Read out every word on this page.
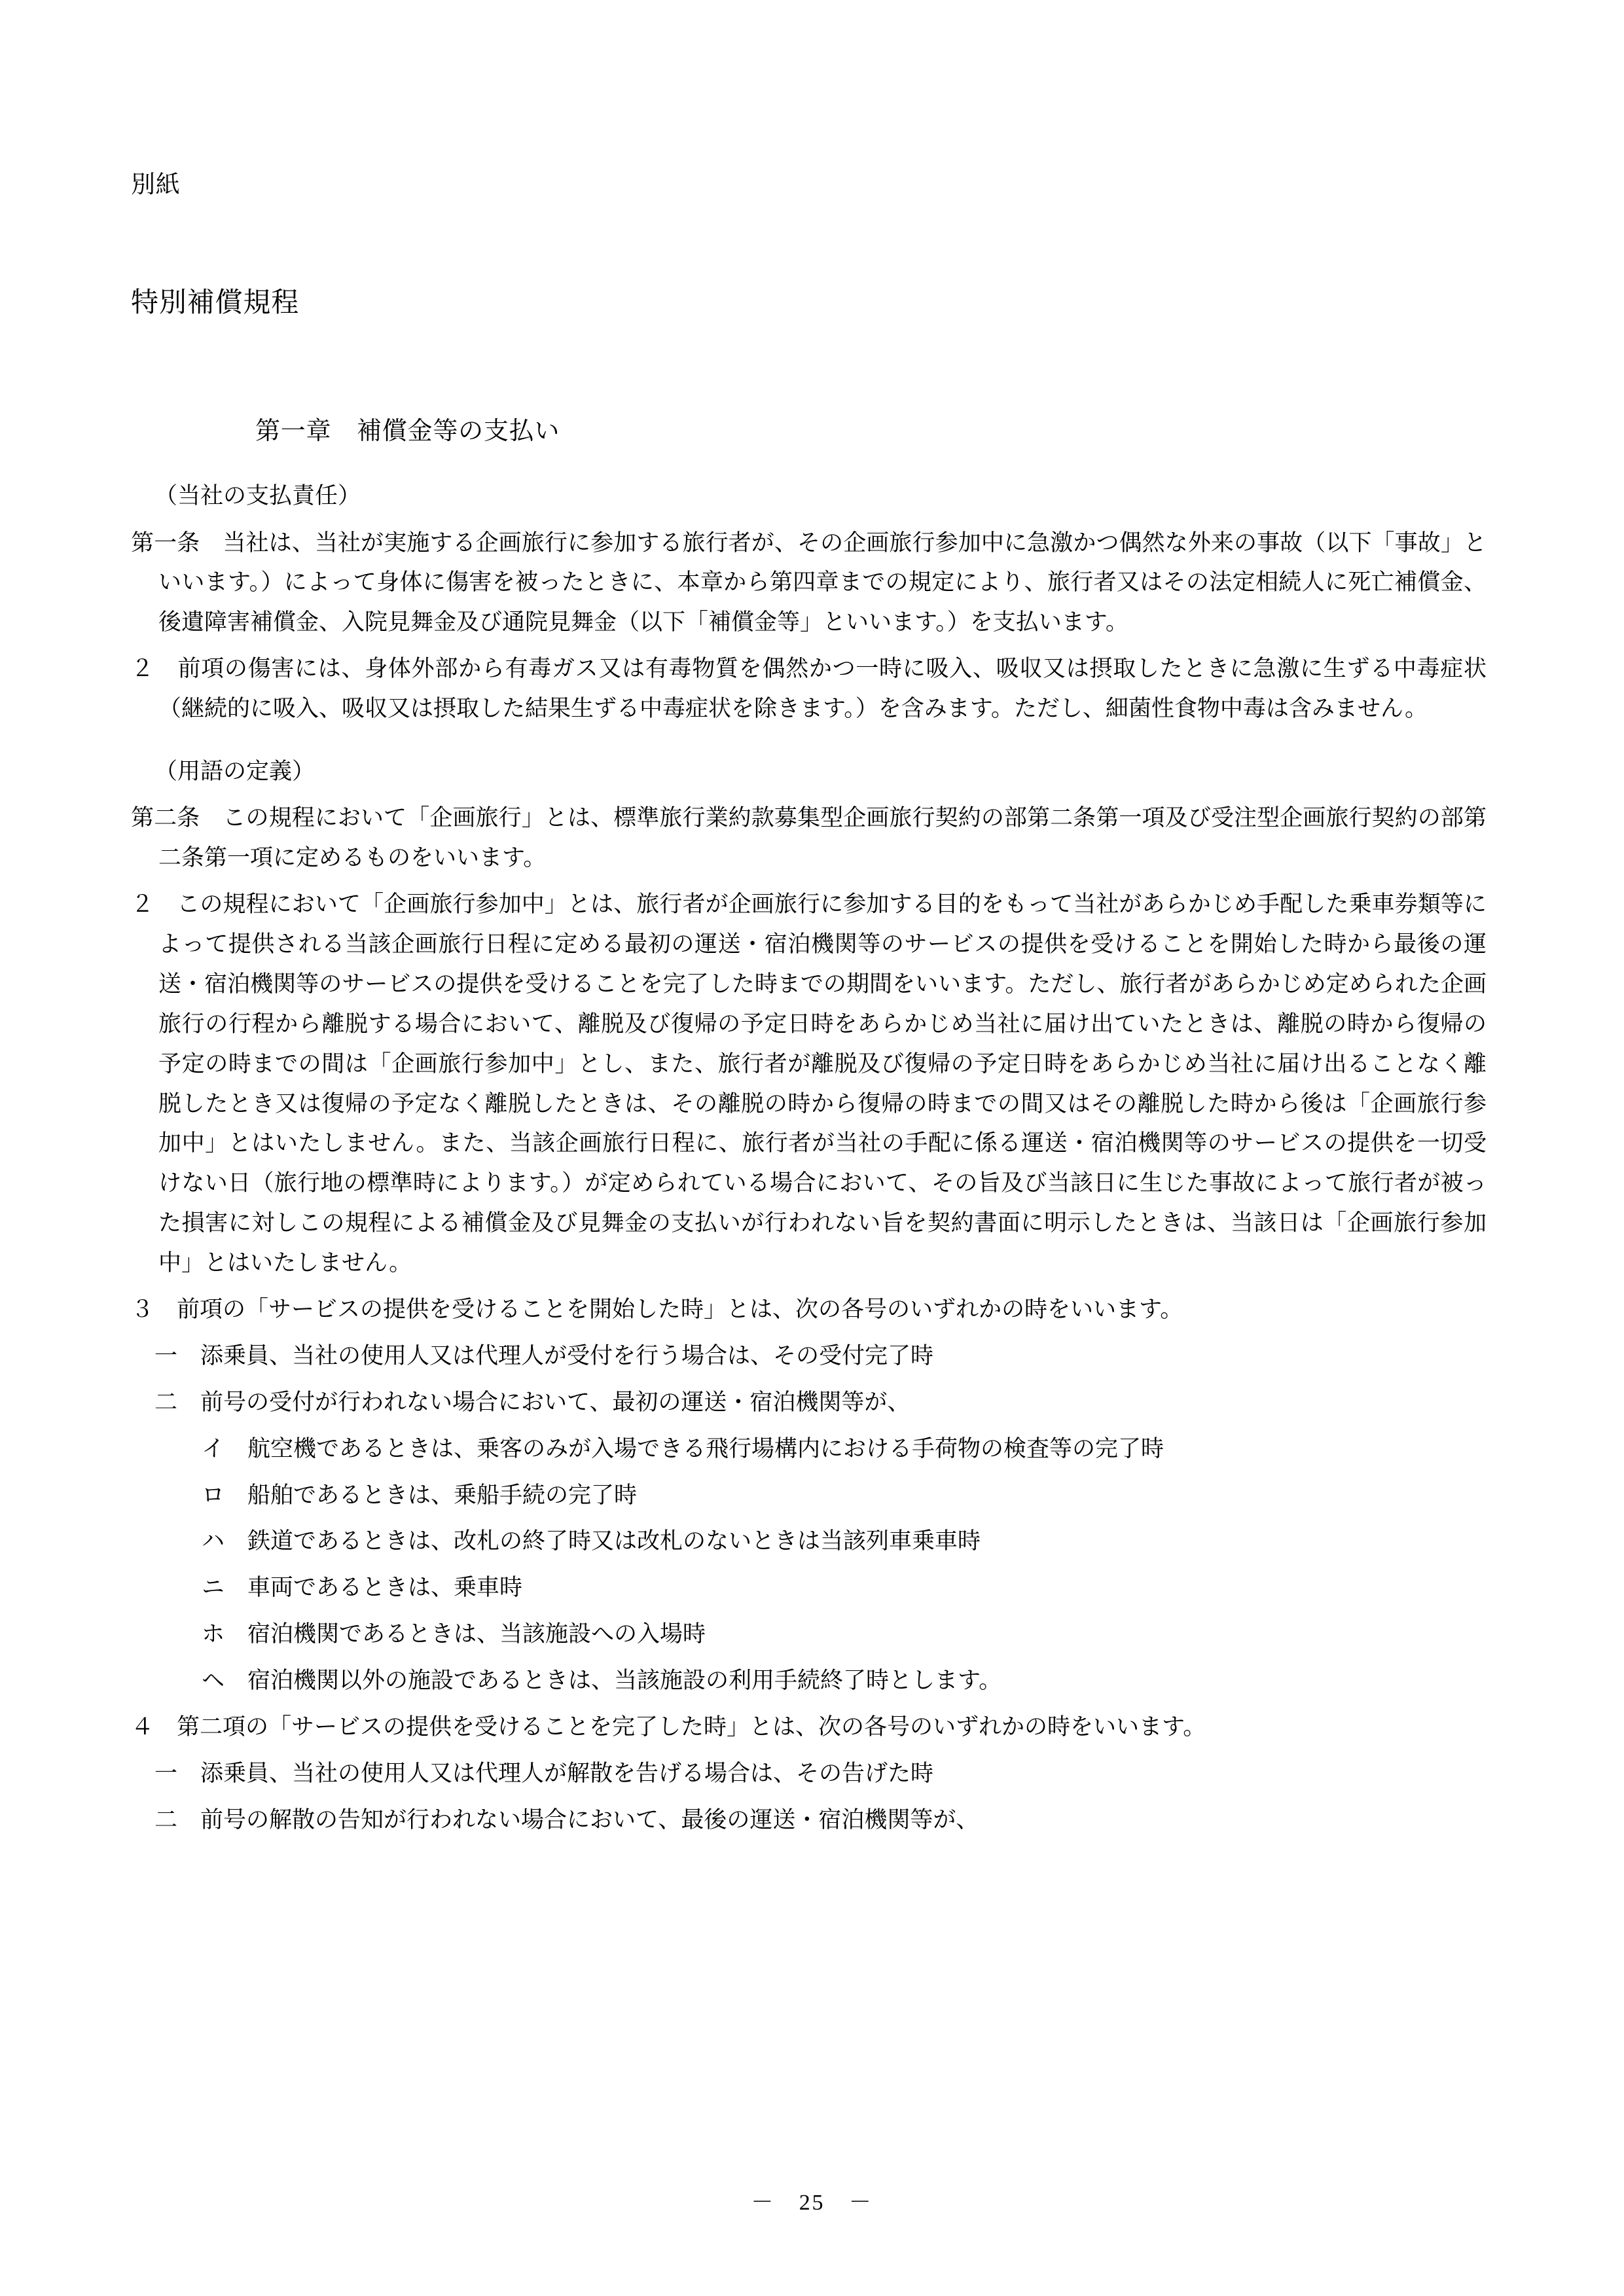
別紙
特別補償規程
第一章　補償金等の支払い
（当社の支払責任）

第一条　当社は、当社が実施する企画旅行に参加する旅行者が、その企画旅行参加中に急激かつ偶然な外来の事故（以下「事故」といいます。）によって身体に傷害を被ったときに、本章から第四章までの規定により、旅行者又はその法定相続人に死亡補償金、後遺障害補償金、入院見舞金及び通院見舞金（以下「補償金等」といいます。）を支払います。

２　前項の傷害には、身体外部から有毒ガス又は有毒物質を偶然かつ一時に吸入、吸収又は摂取したときに急激に生ずる中毒症状（継続的に吸入、吸収又は摂取した結果生ずる中毒症状を除きます。）を含みます。ただし、細菌性食物中毒は含みません。

（用語の定義）

第二条　この規程において「企画旅行」とは、標準旅行業約款募集型企画旅行契約の部第二条第一項及び受注型企画旅行契約の部第二条第一項に定めるものをいいます。

２　この規程において「企画旅行参加中」とは、旅行者が企画旅行に参加する目的をもって当社があらかじめ手配した乗車券類等によって提供される当該企画旅行日程に定める最初の運送・宿泊機関等のサービスの提供を受けることを開始した時から最後の運送・宿泊機関等のサービスの提供を受けることを完了した時までの期間をいいます。ただし、旅行者があらかじめ定められた企画旅行の行程から離脱する場合において、離脱及び復帰の予定日時をあらかじめ当社に届け出ていたときは、離脱の時から復帰の予定の時までの間は「企画旅行参加中」とし、また、旅行者が離脱及び復帰の予定日時をあらかじめ当社に届け出ることなく離脱したとき又は復帰の予定なく離脱したときは、その離脱の時から復帰の時までの間又はその離脱した時から後は「企画旅行参加中」とはいたしません。また、当該企画旅行日程に、旅行者が当社の手配に係る運送・宿泊機関等のサービスの提供を一切受けない日（旅行地の標準時によります。）が定められている場合において、その旨及び当該日に生じた事故によって旅行者が被った損害に対しこの規程による補償金及び見舞金の支払いが行われない旨を契約書面に明示したときは、当該日は「企画旅行参加中」とはいたしません。

３　前項の「サービスの提供を受けることを開始した時」とは、次の各号のいずれかの時をいいます。

一　添乗員、当社の使用人又は代理人が受付を行う場合は、その受付完了時

二　前号の受付が行われない場合において、最初の運送・宿泊機関等が、

イ　航空機であるときは、乗客のみが入場できる飛行場構内における手荷物の検査等の完了時

ロ　船舶であるときは、乗船手続の完了時

ハ　鉄道であるときは、改札の終了時又は改札のないときは当該列車乗車時

ニ　車両であるときは、乗車時

ホ　宿泊機関であるときは、当該施設への入場時

ヘ　宿泊機関以外の施設であるときは、当該施設の利用手続終了時とします。

４　第二項の「サービスの提供を受けることを完了した時」とは、次の各号のいずれかの時をいいます。

一　添乗員、当社の使用人又は代理人が解散を告げる場合は、その告げた時

二　前号の解散の告知が行われない場合において、最後の運送・宿泊機関等が、

－　25　－
